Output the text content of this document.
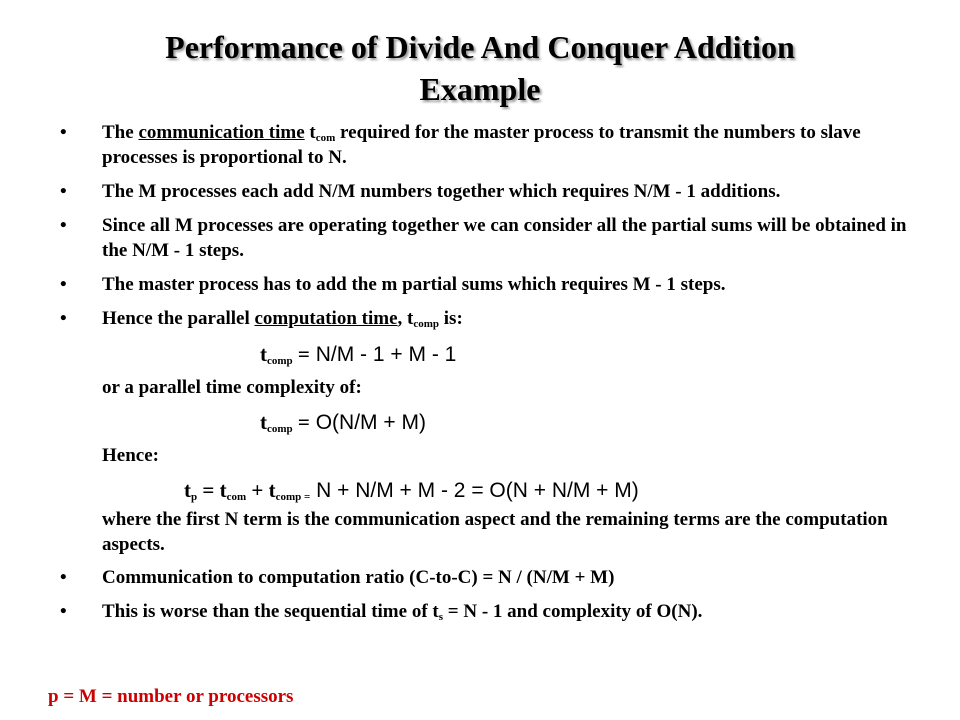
Performance of Divide And Conquer Addition
Example
• The communication time $t_{com}$ required for the master process to transmit the numbers to slave processes is proportional to N.
• The M processes each add N/M numbers together which requires N/M - 1 additions.
• Since all M processes are operating together we can consider all the partial sums will be obtained in the N/M - 1 steps.
• The master process has to add the m partial sums which requires M - 1 steps.
• Hence the parallel computation time, $t_{comp}$ is:
$t_{comp} = N/M - 1 + M - 1$
or a parallel time complexity of:
$t_{comp} = O(N/M + M)$
Hence:
$t_p = t_{com} + t_{comp =}$ N + N/M + M - 2 = O(N + N/M + M)
where the first N term is the communication aspect and the remaining terms are the computation aspects.
• Communication to computation ratio (C-to-C) = N / (N/M + M)
• This is worse than the sequential time of $t_s = N - 1$ and complexity of O(N).
p = M = number or processors
